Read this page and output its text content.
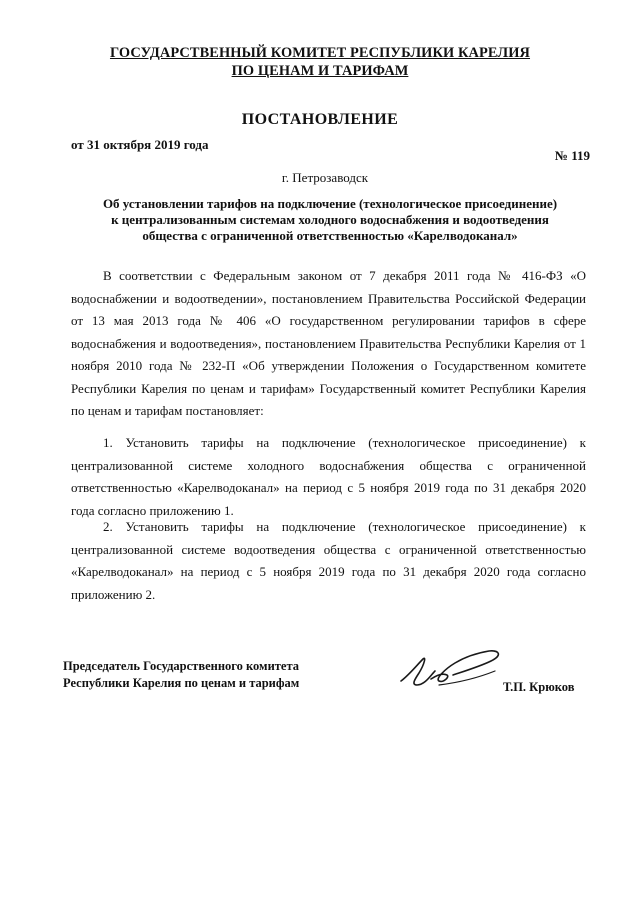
ГОСУДАРСТВЕННЫЙ КОМИТЕТ РЕСПУБЛИКИ КАРЕЛИЯ
ПО ЦЕНАМ И ТАРИФАМ
ПОСТАНОВЛЕНИЕ
от 31 октября 2019 года
№ 119
г. Петрозаводск
Об установлении тарифов на подключение (технологическое присоединение)
к централизованным системам холодного водоснабжения и водоотведения
общества с ограниченной ответственностью «Карелводоканал»

В соответствии с Федеральным законом от 7 декабря 2011 года № 416-ФЗ «О водоснабжении и водоотведении», постановлением Правительства Российской Федерации от 13 мая 2013 года № 406 «О государственном регулировании тарифов в сфере водоснабжения и водоотведения», постановлением Правительства Республики Карелия от 1 ноября 2010 года № 232-П «Об утверждении Положения о Государственном комитете Республики Карелия по ценам и тарифам» Государственный комитет Республики Карелия по ценам и тарифам постановляет:

1. Установить тарифы на подключение (технологическое присоединение) к централизованной системе холодного водоснабжения общества с ограниченной ответственностью «Карелводоканал» на период с 5 ноября 2019 года по 31 декабря 2020 года согласно приложению 1.

2. Установить тарифы на подключение (технологическое присоединение) к централизованной системе водоотведения общества с ограниченной ответственностью «Карелводоканал» на период с 5 ноября 2019 года по 31 декабря 2020 года согласно приложению 2.

Председатель Государственного комитета
Республики Карелия по ценам и тарифам	Т.П. Крюков
